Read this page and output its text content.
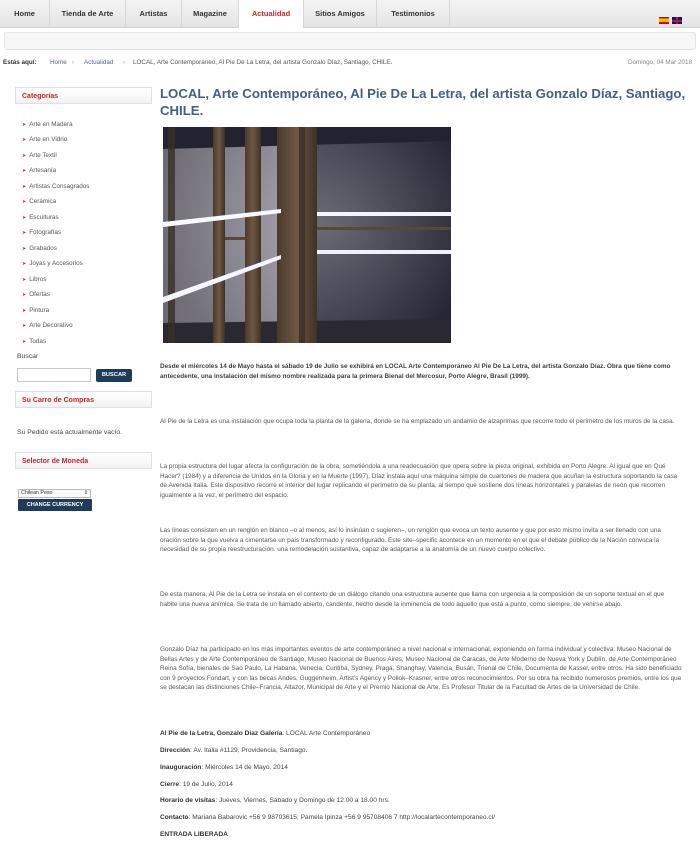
Home	Tienda de Arte	Artistas	Magazine	Actualidad	Sitios Amigos	Testimonios
Estás aquí: Home › Actualidad › LOCAL, Arte Contemporáneo, Al Pie De La Letra, del artista Gonzalo Díaz, Santiago, CHILE.	Domingo, 04 Mar 2018
Categorías
➤ Arte en Madera
➤ Arte en Vidrio
➤ Arte Textil
➤ Artesanía
➤ Artistas Consagrados
➤ Cerámica
➤ Esculturas
➤ Fotografías
➤ Grabados
➤ Joyas y Accesorios
➤ Libros
➤ Ofertas
➤ Pintura
➤ Arte Decorativo
➤ Todas
Buscar
BUSCAR
Su Carro de Compras
Su Pedido está actualmente vacío.
Selector de Moneda
Chilean Peso	⇕
CHANGE CURRENCY
LOCAL, Arte Contemporáneo, Al Pie De La Letra, del artista Gonzalo Díaz, Santiago, CHILE.
Desde el miércoles 14 de Mayo hasta el sábado 19 de Julio se exhibirá en LOCAL Arte Contemporáneo Al Pie De La Letra, del artista Gonzalo Díaz. Obra que tiene como antecedente, una instalación del mismo nombre realizada para la primera Bienal del Mercosur, Porto Alegre, Brasil (1999).
Al Pie de la Letra es una instalación que ocupa toda la planta de la galería, donde se ha emplazado un andamio de alzaprimas que recorre todo el perímetro de los muros de la casa.
La propia estructura del lugar afecta la configuración de la obra, sometiéndola a una readecuación que opera sobre la pieza original, exhibida en Porto Alegre. Al igual que en Qué Hacer? (1984) y a diferencia de Unidos en la Gloria y en la Muerte (1997), Díaz instala aquí una máquina simple de cuartones de madera que acuñan la estructura soportando la casa de Avenida Italia. Este dispositivo recorre el interior del lugar replicando el perímetro de su planta, al tiempo que sostiene dos líneas horizontales y paralelas de neón que recorren igualmente a la vez, el perímetro del espacio.
Las líneas consisten en un renglón en blanco –o al menos, así lo insinúan o sugieren–, un renglón que evoca un texto ausente y que por esto mismo invita a ser llenado con una oración sobre la que vuelva a cimentarse un país transformado y reconfigurado. Este site–specific acontece en un momento en el que el debate público de la Nación convoca la necesidad de su propia reestructuración. una remodelación sustantiva, capaz de adaptarse a la anatomía de un nuevo cuerpo colectivo.
De esta manera, Al Pie de la Letra se instala en el contexto de un diálogo citando una estructura ausente que llama con urgencia a la composición de un soporte textual en el que habite una nueva anímica. Se trata de un llamado abierto, candente, hecho desde la inminencia de todo aquello que está a punto, como siempre, de venirse abajo.
Gonzalo Díaz ha participado en los más importantes eventos de arte contemporáneo a nivel nacional e internacional, exponiendo en forma individual y colectiva: Museo Nacional de Bellas Artes y de Arte Contemporáneo de Santiago, Museo Nacional de Buenos Aires, Museo Nacional de Caracas, de Arte Moderno de Nueva York y Dublín, de Arte Contemporáneo Reina Sofía, bienales de Sao Paulo, La Habana, Venecia, Curitiba, Sydney, Praga, Shanghay, Valencia, Busán, Trienal de Chile, Documenta de Kassel, entre otros. Ha sido beneficiado con 9 proyectos Fondart, y con las becas Andes, Guggenheim, Artist's Agency y Pollok–Krasner, entre otros reconocimientos. Por su obra ha recibido numerosos premios, entre los que se destacan las distinciones Chile–Francia, Altazor, Municipal de Arte y el Premio Nacional de Arte. Es Profesor Titular de la Facultad de Artes de la Universidad de Chile.
Al Pie de la Letra, Gonzalo Díaz Galería: LOCAL Arte Contemporáneo
Dirección: Av. Italia #1129, Providencia, Santiago.
Inauguración: Miércoles 14 de Mayo, 2014
Cierre: 19 de Julio, 2014
Horario de visitas: Jueves, Viernes, Sábado y Domingo de 12.00 a 18.00 hrs.
Contacto: Mariana Babarovic +56 9 98703615; Pamela Ipinza +56 9 95708406 7 http://localartecontemporaneo.cl/
ENTRADA LIBERADA
